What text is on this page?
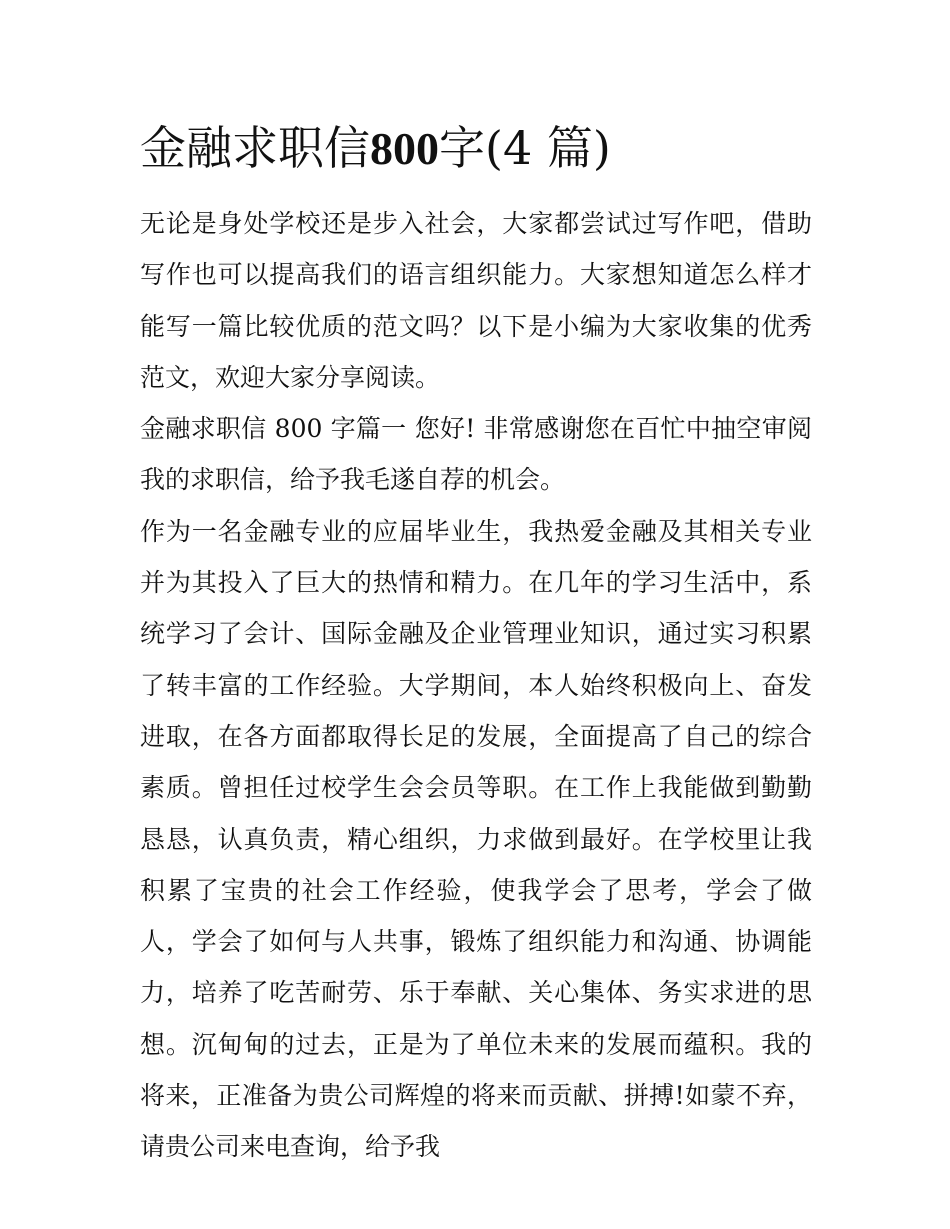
金融求职信800字(4 篇)

无论是身处学校还是步入社会，大家都尝试过写作吧，借助写作也可以提高我们的语言组织能力。大家想知道怎么样才能写一篇比较优质的范文吗？以下是小编为大家收集的优秀范文，欢迎大家分享阅读。

金融求职信 800 字篇一 您好! 非常感谢您在百忙中抽空审阅我的求职信，给予我毛遂自荐的机会。

作为一名金融专业的应届毕业生，我热爱金融及其相关专业并为其投入了巨大的热情和精力。在几年的学习生活中，系统学习了会计、国际金融及企业管理业知识，通过实习积累了转丰富的工作经验。大学期间，本人始终积极向上、奋发进取，在各方面都取得长足的发展，全面提高了自己的综合素质。曾担任过校学生会会员等职。在工作上我能做到勤勤恳恳，认真负责，精心组织，力求做到最好。在学校里让我积累了宝贵的社会工作经验，使我学会了思考，学会了做人，学会了如何与人共事，锻炼了组织能力和沟通、协调能力，培养了吃苦耐劳、乐于奉献、关心集体、务实求进的思想。沉甸甸的过去，正是为了单位未来的发展而蕴积。我的将来，正准备为贵公司辉煌的将来而贡献、拼搏!如蒙不弃，请贵公司来电查询，给予我
